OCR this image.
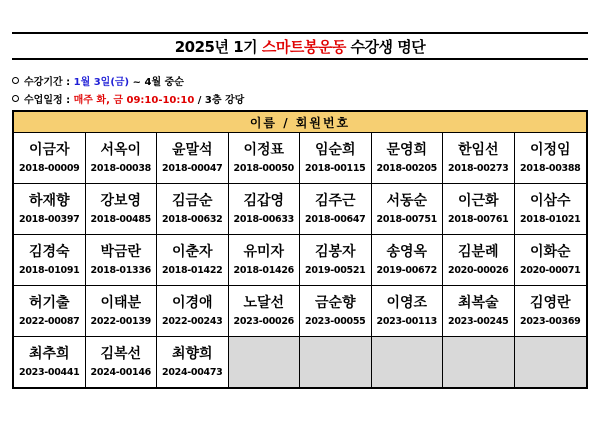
2025년 1기 스마트봉운동 수강생 명단
수강기간 : 1월 3일(금) ~ 4월 중순
수업일정 : 매주 화, 금 09:10-10:10 / 3층 강당
이름 / 회원번호
이금자
2018-00009
서옥이
2018-00038
윤말석
2018-00047
이정표
2018-00050
임순희
2018-00115
문영희
2018-00205
한임선
2018-00273
이정임
2018-00388
하재향
2018-00397
강보영
2018-00485
김금순
2018-00632
김갑영
2018-00633
김주근
2018-00647
서동순
2018-00751
이근화
2018-00761
이삼수
2018-01021
김경숙
2018-01091
박금란
2018-01336
이춘자
2018-01422
유미자
2018-01426
김봉자
2019-00521
송영옥
2019-00672
김분례
2020-00026
이화순
2020-00071
허기출
2022-00087
이태분
2022-00139
이경애
2022-00243
노달선
2023-00026
금순향
2023-00055
이영조
2023-00113
최복술
2023-00245
김영란
2023-00369
최추희
2023-00441
김복선
2024-00146
최향희
2024-00473
